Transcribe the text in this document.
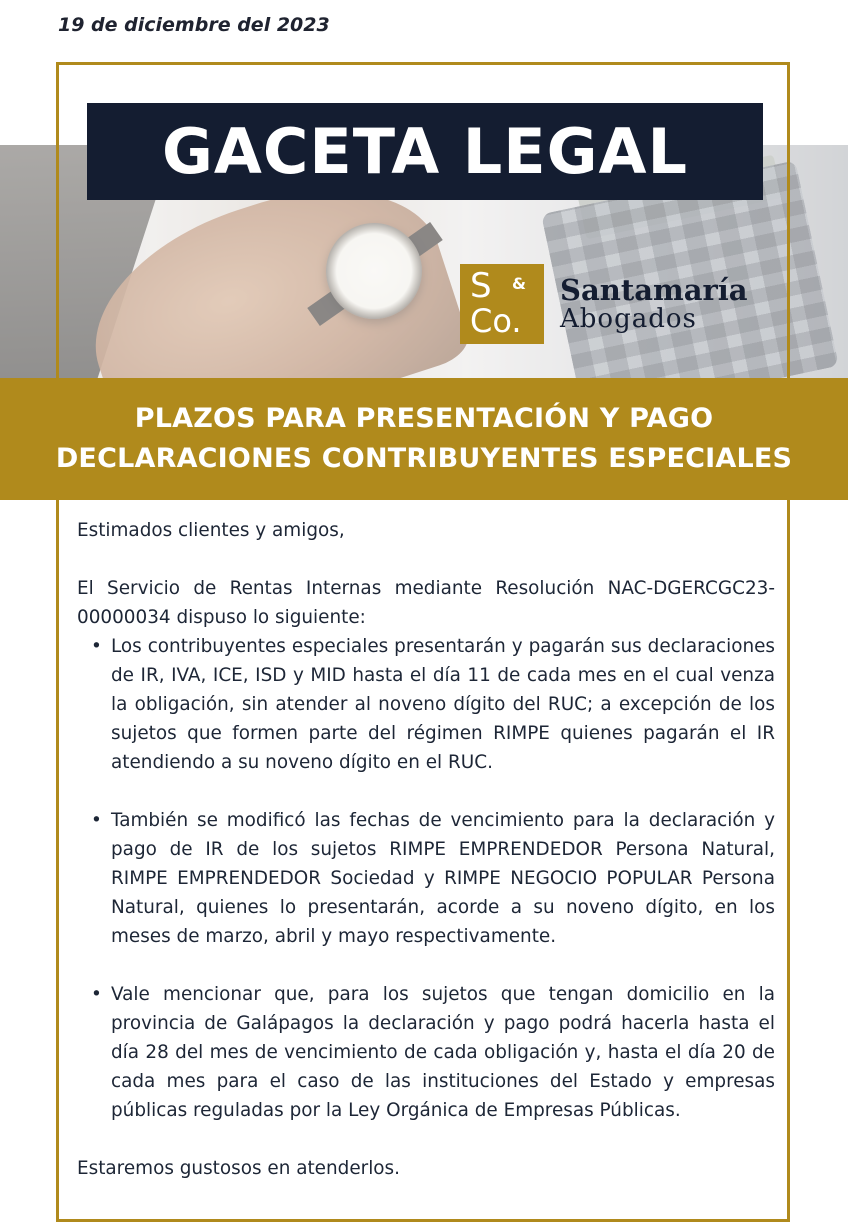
19 de diciembre del 2023
GACETA LEGAL
S &
Co.
Santamaría
Abogados
PLAZOS PARA PRESENTACIÓN Y PAGO
DECLARACIONES CONTRIBUYENTES ESPECIALES

Estimados clientes y amigos,

El Servicio de Rentas Internas mediante Resolución NAC-DGERCGC23-00000034 dispuso lo siguiente:

• Los contribuyentes especiales presentarán y pagarán sus declaraciones de IR, IVA, ICE, ISD y MID hasta el día 11 de cada mes en el cual venza la obligación, sin atender al noveno dígito del RUC; a excepción de los sujetos que formen parte del régimen RIMPE quienes pagarán el IR atendiendo a su noveno dígito en el RUC.
• También se modificó las fechas de vencimiento para la declaración y pago de IR de los sujetos RIMPE EMPRENDEDOR Persona Natural, RIMPE EMPRENDEDOR Sociedad y RIMPE NEGOCIO POPULAR Persona Natural, quienes lo presentarán, acorde a su noveno dígito, en los meses de marzo, abril y mayo respectivamente.
• Vale mencionar que, para los sujetos que tengan domicilio en la provincia de Galápagos la declaración y pago podrá hacerla hasta el día 28 del mes de vencimiento de cada obligación y, hasta el día 20 de cada mes para el caso de las instituciones del Estado y empresas públicas reguladas por la Ley Orgánica de Empresas Públicas.

Estaremos gustosos en atenderlos.
